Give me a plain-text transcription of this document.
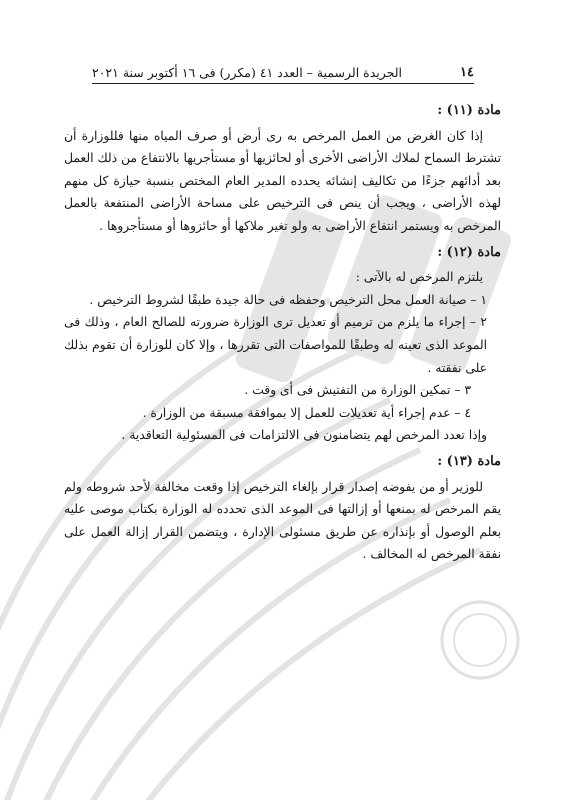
١٤
الجريدة الرسمية – العدد ٤١ (مكرر) فى ١٦ أكتوبر سنة ٢٠٢١
مادة (١١) :

إذا كان الغرض من العمل المرخص به رى أرض أو صرف المياه منها فللوزارة أن تشترط السماح لملاك الأراضى الأخرى أو لحائزيها أو مستأجريها بالانتفاع من ذلك العمل بعد أدائهم جزءًا من تكاليف إنشائه يحدده المدير العام المختص بنسبة حيازة كل منهم لهذه الأراضى ، ويجب أن ينص فى الترخيص على مساحة الأراضى المنتفعة بالعمل المرخص به ويستمر انتفاع الأراضى به ولو تغير ملاكها أو حائزوها أو مستأجروها .

مادة (١٢) :

يلتزم المرخص له بالآتى :

١ – صيانة العمل محل الترخيص وحفظه فى حالة جيدة طبقًا لشروط الترخيص .

٢ – إجراء ما يلزم من ترميم أو تعديل ترى الوزارة ضرورته للصالح العام ، وذلك فى الموعد الذى تعينه له وطبقًا للمواصفات التى تقررها ، وإلا كان للوزارة أن تقوم بذلك على نفقته .

٣ – تمكين الوزارة من التفتيش فى أى وقت .

٤ – عدم إجراء أية تعديلات للعمل إلا بموافقة مسبقة من الوزارة .

وإذا تعدد المرخص لهم يتضامنون فى الالتزامات فى المسئولية التعاقدية .

مادة (١٣) :

للوزير أو من يفوضه إصدار قرار بإلغاء الترخيص إذا وقعت مخالفة لأحد شروطه ولم يقم المرخص له بمنعها أو إزالتها فى الموعد الذى تحدده له الوزارة بكتاب موصى عليه بعلم الوصول أو بإنذاره عن طريق مسئولى الإدارة ، ويتضمن القرار إزالة العمل على نفقة المرخص له المخالف .
